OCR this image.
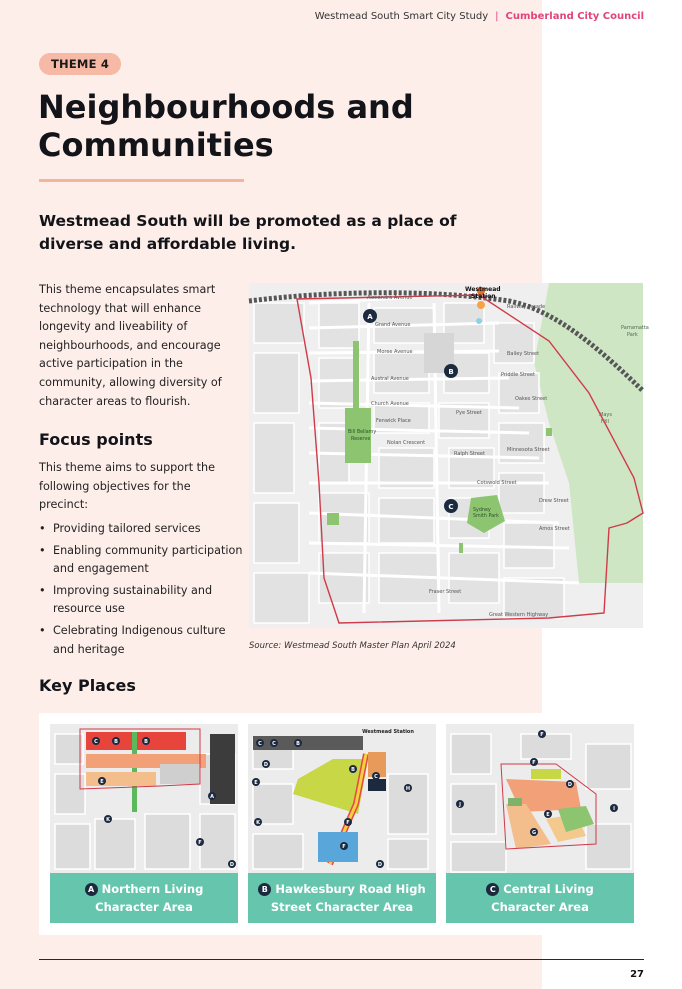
Westmead South Smart City Study | Cumberland City Council
THEME 4
Neighbourhoods and Communities

Westmead South will be promoted as a place of diverse and affordable living.

This theme encapsulates smart technology that will enhance longevity and liveability of neighbourhoods, and encourage active participation in the community, allowing diversity of character areas to flourish.

Focus points

This theme aims to support the following objectives for the precinct:

• Providing tailored services
• Enabling community participation and engagement
• Improving sustainability and resource use
• Celebrating Indigenous culture and heritage
Bill Bellamy
Reserve
Sydney
Smith Park
Parramatta
Park
Mays
Hill
Westmead
Station
Alexandra Avenue
Grand Avenue
Moree Avenue
Austral Avenue
Church Avenue
Fenwick Place
Nolan Crescent
Pye Street
Ralph Street
Cotswold Street
Minnesota Street
Drew Street
Amos Street
Fraser Street
Great Western Highway
Bailey Street
Priddle Street
Oakes Street
Railway Parade
A
B
C

Source: Westmead South Master Plan April 2024

Key Places
C	B	B
E
A
K
F
D
A Northern Living Character Area
C C	B
D
E
B
C
H
K	F
F
D
Westmead Station
B Hawkesbury Road High Street Character Area
F
F
D
J
E
I
G
C Central Living Character Area
27
